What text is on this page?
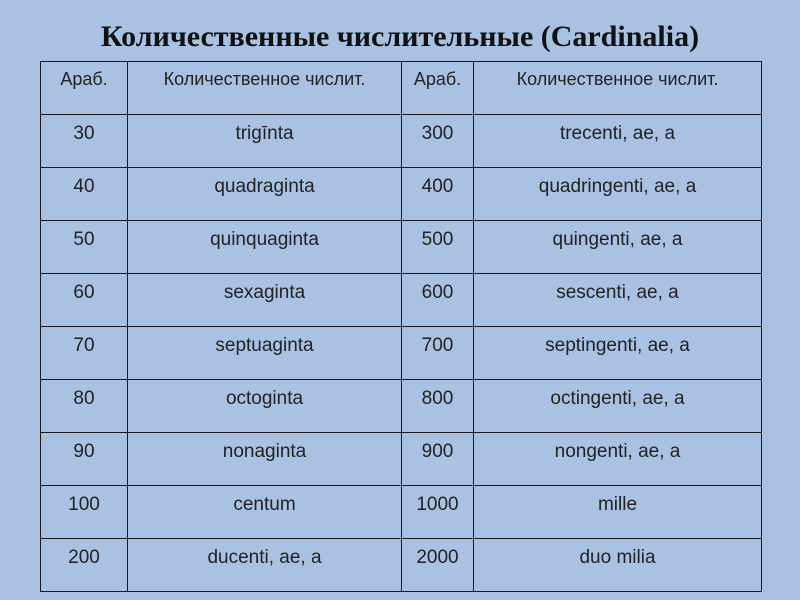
Количественные числительные (Cardinalia)
Араб.	Количественное числит.	Араб.	Количественное числит.
30	trigīnta	300	trecenti, ae, a
40	quadraginta	400	quadringenti, ae, a
50	quinquaginta	500	quingenti, ae, a
60	sexaginta	600	sescenti, ae, a
70	septuaginta	700	septingenti, ae, a
80	octoginta	800	octingenti, ae, a
90	nonaginta	900	nongenti, ae, a
100	centum	1000	mille
200	ducenti, ae, a	2000	duo milia
